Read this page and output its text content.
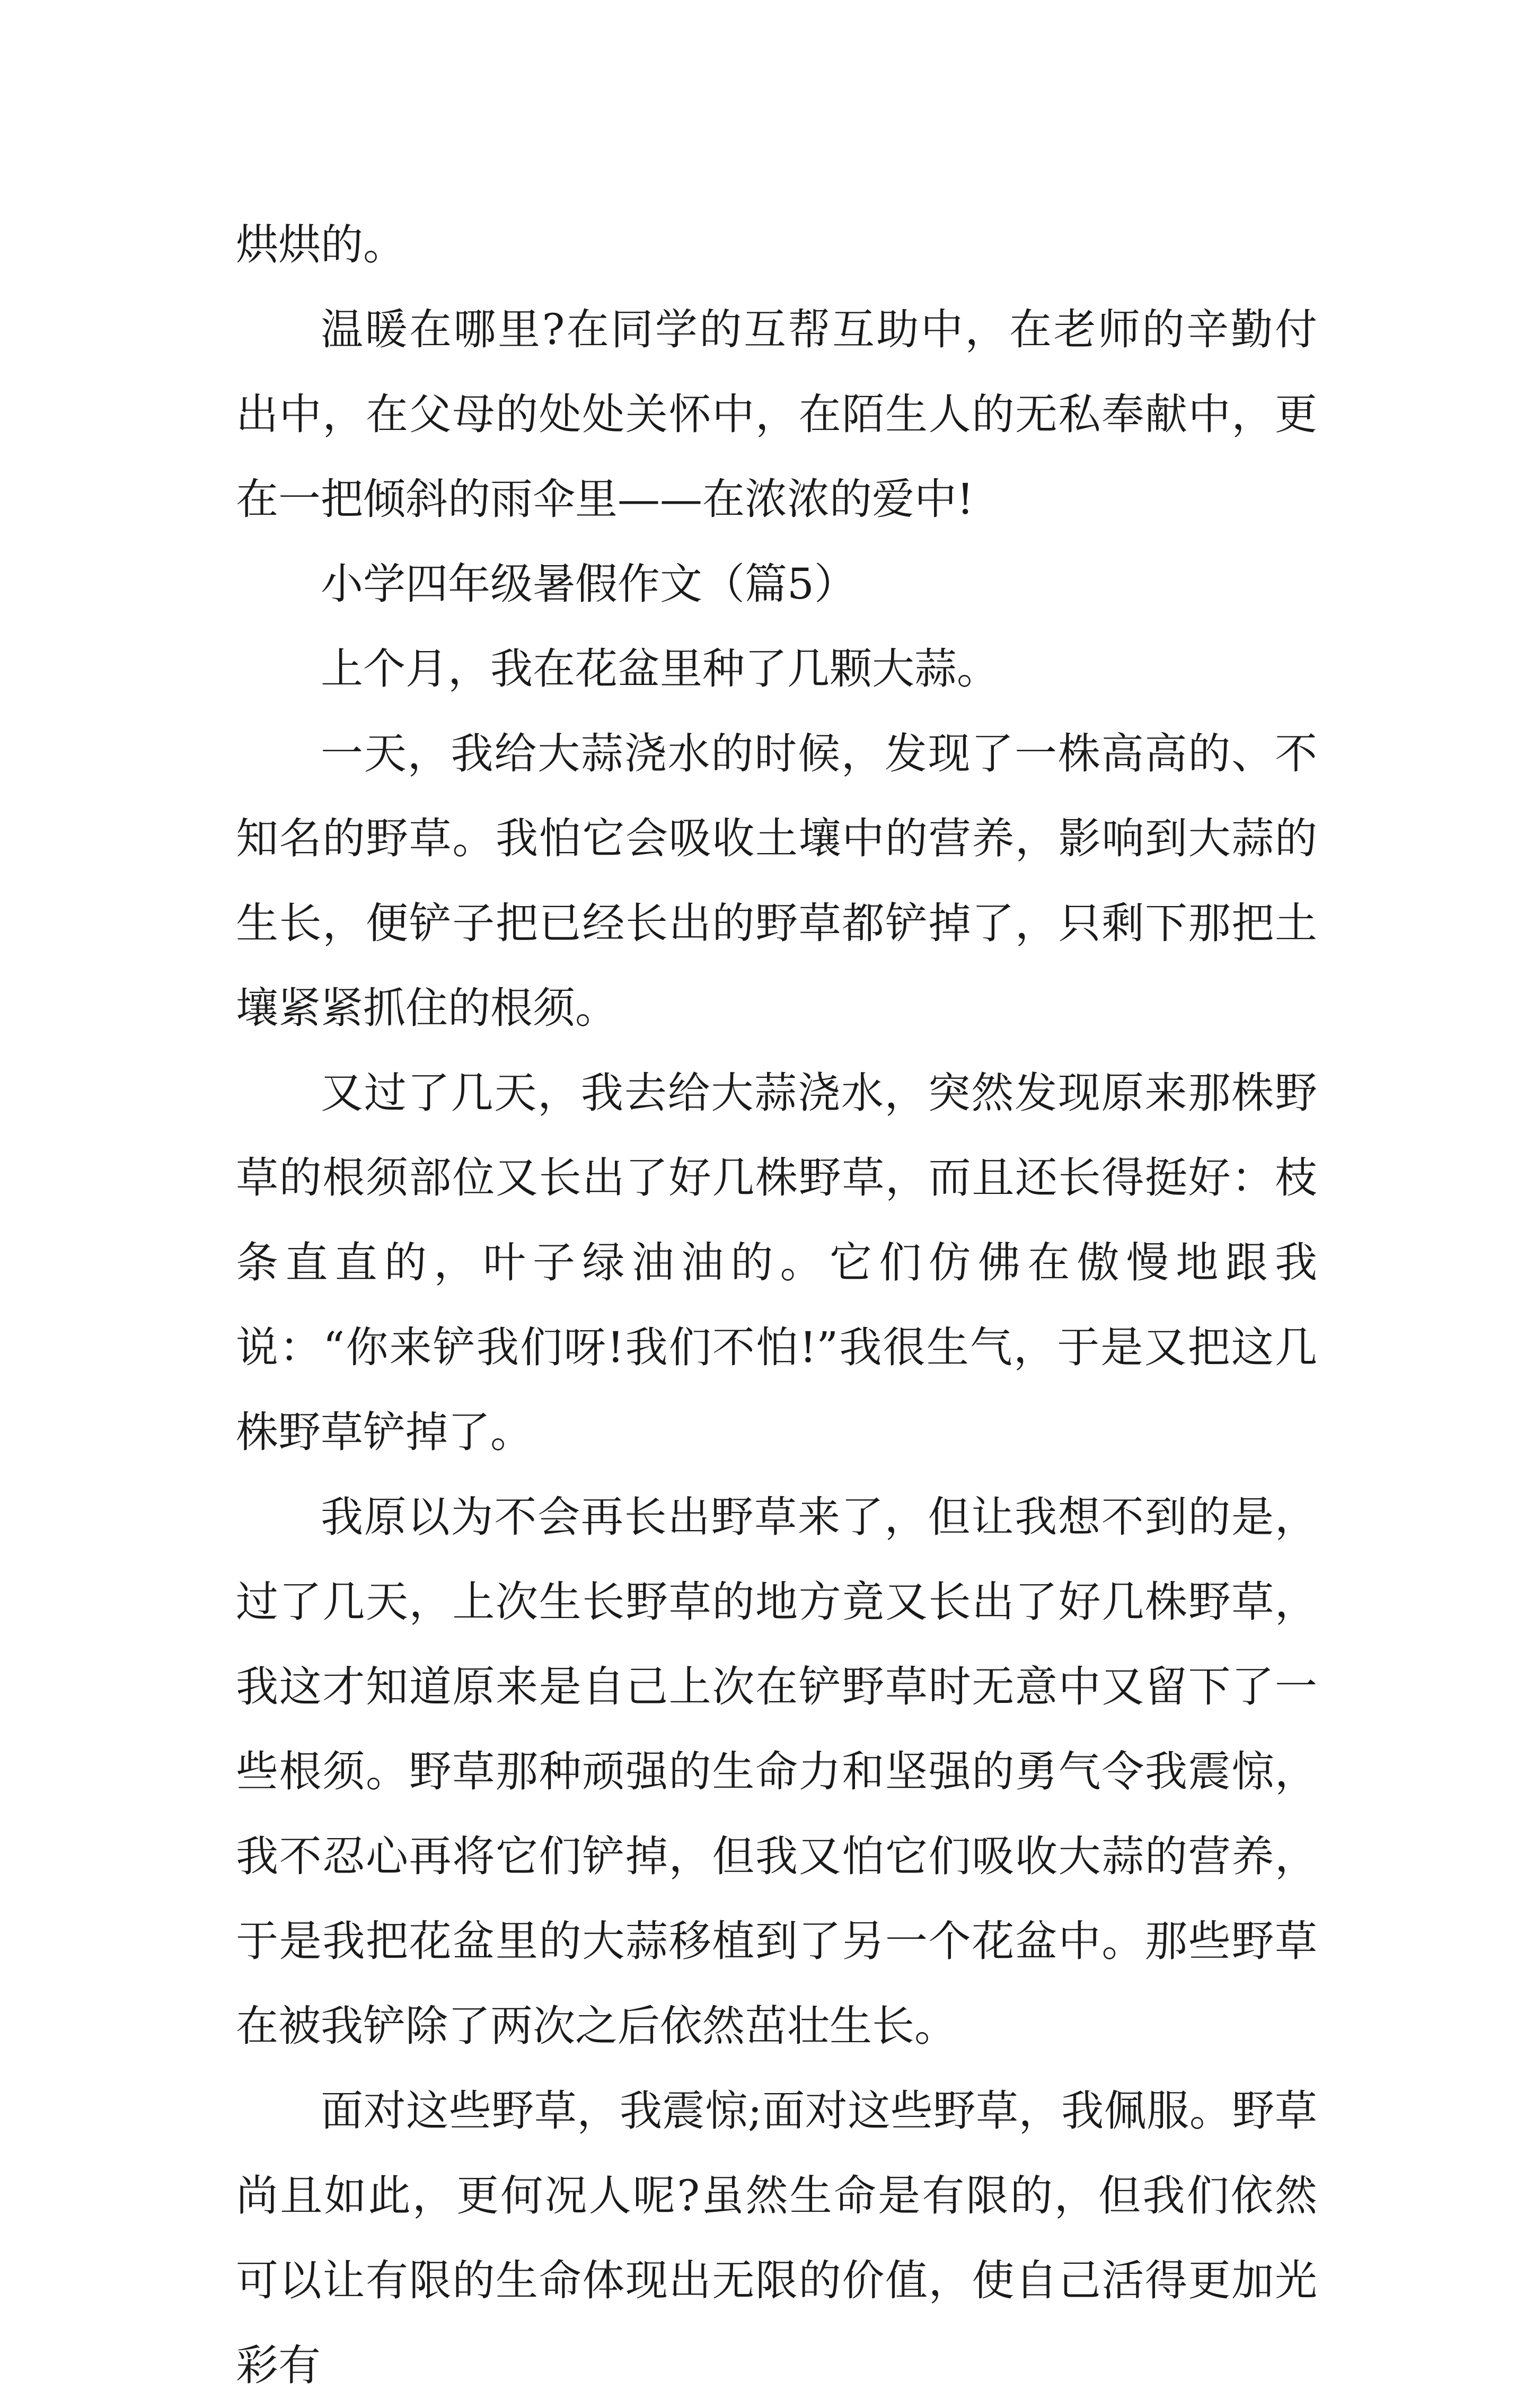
烘烘的。

温暖在哪里?在同学的互帮互助中，在老师的辛勤付出中，在父母的处处关怀中，在陌生人的无私奉献中，更在一把倾斜的雨伞里——在浓浓的爱中!

小学四年级暑假作文（篇5）

上个月，我在花盆里种了几颗大蒜。

一天，我给大蒜浇水的时候，发现了一株高高的、不知名的野草。我怕它会吸收土壤中的营养，影响到大蒜的生长，便铲子把已经长出的野草都铲掉了，只剩下那把土壤紧紧抓住的根须。

又过了几天，我去给大蒜浇水，突然发现原来那株野草的根须部位又长出了好几株野草，而且还长得挺好：枝条直直的，叶子绿油油的。它们仿佛在傲慢地跟我说：“你来铲我们呀!我们不怕!”我很生气，于是又把这几株野草铲掉了。

我原以为不会再长出野草来了，但让我想不到的是，过了几天，上次生长野草的地方竟又长出了好几株野草，我这才知道原来是自己上次在铲野草时无意中又留下了一些根须。野草那种顽强的生命力和坚强的勇气令我震惊，我不忍心再将它们铲掉，但我又怕它们吸收大蒜的营养，于是我把花盆里的大蒜移植到了另一个花盆中。那些野草在被我铲除了两次之后依然茁壮生长。

面对这些野草，我震惊;面对这些野草，我佩服。野草尚且如此，更何况人呢?虽然生命是有限的，但我们依然可以让有限的生命体现出无限的价值，使自己活得更加光彩有
